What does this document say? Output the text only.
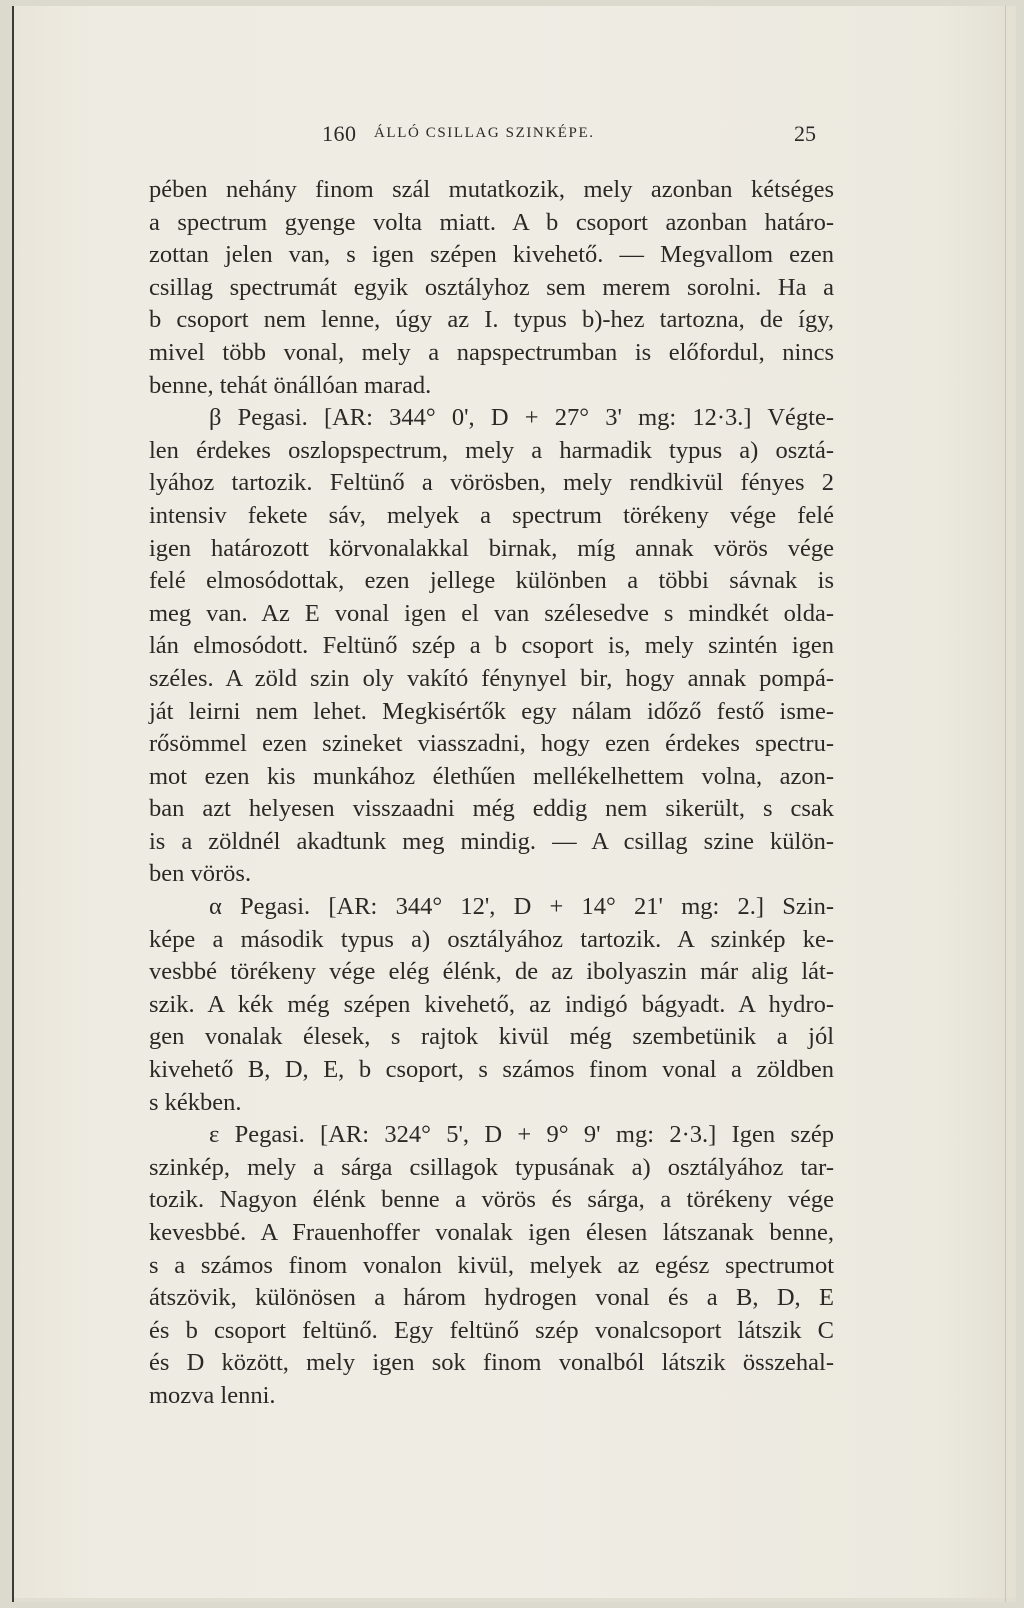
160 ÁLLÓ CSILLAG SZINKÉPE.	25
pében nehány finom szál mutatkozik, mely azonban kétséges
a spectrum gyenge volta miatt. A b csoport azonban határo-
zottan jelen van, s igen szépen kivehető. — Megvallom ezen
csillag spectrumát egyik osztályhoz sem merem sorolni. Ha a
b csoport nem lenne, úgy az I. typus b)-hez tartozna, de így,
mivel több vonal, mely a napspectrumban is előfordul, nincs
benne, tehát önállóan marad.
β Pegasi. [AR: 344° 0', D + 27° 3' mg: 12·3.] Végte-
len érdekes oszlopspectrum, mely a harmadik typus a) osztá-
lyához tartozik. Feltünő a vörösben, mely rendkivül fényes 2
intensiv fekete sáv, melyek a spectrum törékeny vége felé
igen határozott körvonalakkal birnak, míg annak vörös vége
felé elmosódottak, ezen jellege különben a többi sávnak is
meg van. Az E vonal igen el van szélesedve s mindkét olda-
lán elmosódott. Feltünő szép a b csoport is, mely szintén igen
széles. A zöld szin oly vakító fénynyel bir, hogy annak pompá-
ját leirni nem lehet. Megkisértők egy nálam időző festő isme-
rősömmel ezen szineket viasszadni, hogy ezen érdekes spectru-
mot ezen kis munkához élethűen mellékelhettem volna, azon-
ban azt helyesen visszaadni még eddig nem sikerült, s csak
is a zöldnél akadtunk meg mindig. — A csillag szine külön-
ben vörös.
α Pegasi. [AR: 344° 12', D + 14° 21' mg: 2.] Szin-
képe a második typus a) osztályához tartozik. A szinkép ke-
vesbbé törékeny vége elég élénk, de az ibolyaszin már alig lát-
szik. A kék még szépen kivehető, az indigó bágyadt. A hydro-
gen vonalak élesek, s rajtok kivül még szembetünik a jól
kivehető B, D, E, b csoport, s számos finom vonal a zöldben
s kékben.
ε Pegasi. [AR: 324° 5', D + 9° 9' mg: 2·3.] Igen szép
szinkép, mely a sárga csillagok typusának a) osztályához tar-
tozik. Nagyon élénk benne a vörös és sárga, a törékeny vége
kevesbbé. A Frauenhoffer vonalak igen élesen látszanak benne,
s a számos finom vonalon kivül, melyek az egész spectrumot
átszövik, különösen a három hydrogen vonal és a B, D, E
és b csoport feltünő. Egy feltünő szép vonalcsoport látszik C
és D között, mely igen sok finom vonalból látszik összehal-
mozva lenni.
